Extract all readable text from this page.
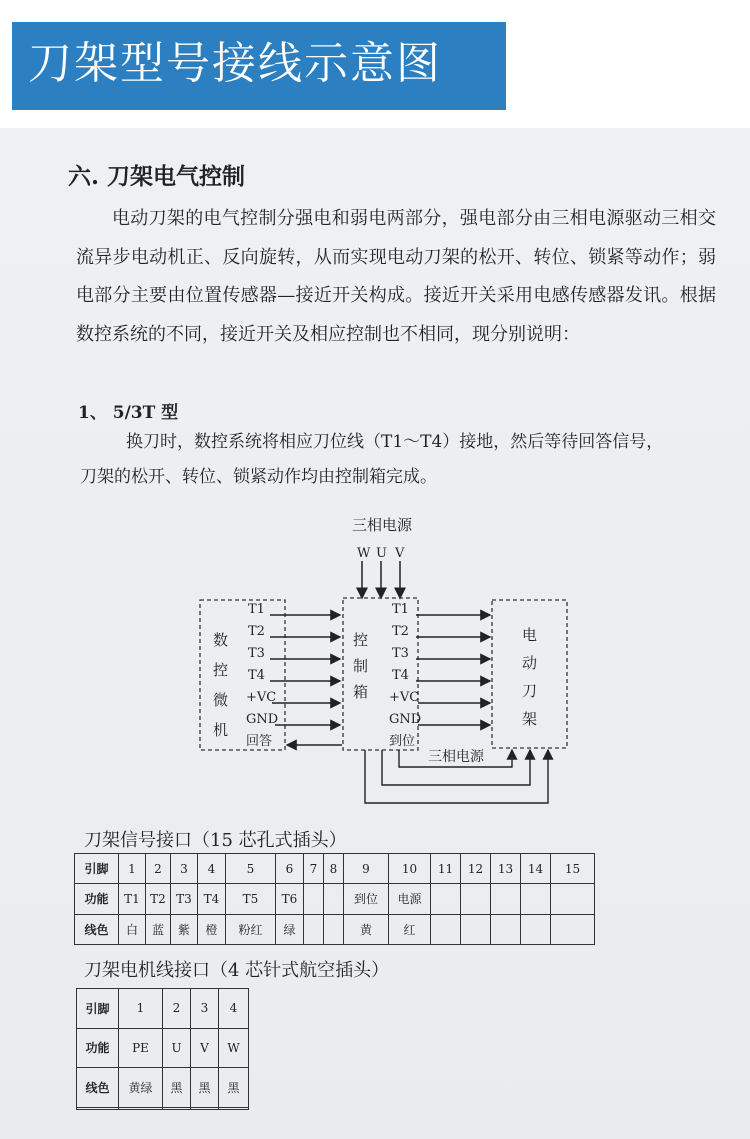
刀架型号接线示意图
六. 刀架电气控制

电动刀架的电气控制分强电和弱电两部分，强电部分由三相电源驱动三相交流异步电动机正、反向旋转，从而实现电动刀架的松开、转位、锁紧等动作；弱电部分主要由位置传感器—接近开关构成。接近开关采用电感传感器发讯。根据数控系统的不同，接近开关及相应控制也不相同，现分别说明：

1、 5/3T 型

换刀时，数控系统将相应刀位线（T1～T4）接地，然后等待回答信号，刀架的松开、转位、锁紧动作均由控制箱完成。

三相电源
W U V
数
控
微
机
T1
T2
T3
T4
+VC
GND
回答
控
制
箱
T1
T2
T3
T4
+VC
GND
到位
电
动
刀
架
三相电源
刀架信号接口（15 芯孔式插头）
引脚	1	2	3	4	5	6	7	8	9	10	11	12	13	14	15
功能	T1	T2	T3	T4	T5	T6			到位	电源					
线色	白	蓝	紫	橙	粉红	绿			黄	红					
刀架电机线接口（4 芯针式航空插头）
引脚	1	2	3	4
功能	PE	U	V	W
线色	黄绿	黑	黑	黑
